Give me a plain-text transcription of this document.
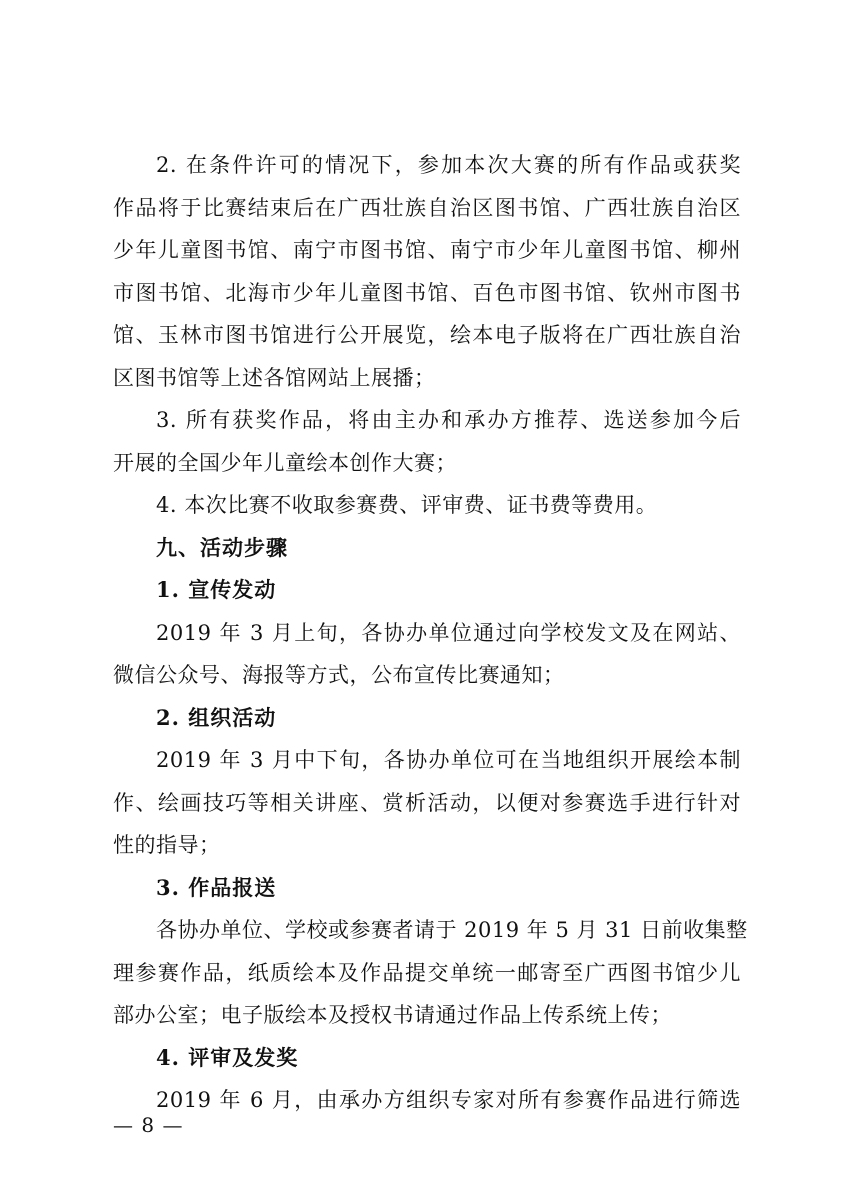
2. 在条件许可的情况下，参加本次大赛的所有作品或获奖
作品将于比赛结束后在广西壮族自治区图书馆、广西壮族自治区
少年儿童图书馆、南宁市图书馆、南宁市少年儿童图书馆、柳州
市图书馆、北海市少年儿童图书馆、百色市图书馆、钦州市图书
馆、玉林市图书馆进行公开展览，绘本电子版将在广西壮族自治
区图书馆等上述各馆网站上展播；
3. 所有获奖作品，将由主办和承办方推荐、选送参加今后
开展的全国少年儿童绘本创作大赛；
4. 本次比赛不收取参赛费、评审费、证书费等费用。
九、活动步骤
1. 宣传发动
2019 年 3 月上旬，各协办单位通过向学校发文及在网站、
微信公众号、海报等方式，公布宣传比赛通知；
2. 组织活动
2019 年 3 月中下旬，各协办单位可在当地组织开展绘本制
作、绘画技巧等相关讲座、赏析活动，以便对参赛选手进行针对
性的指导；
3. 作品报送
各协办单位、学校或参赛者请于 2019 年 5 月 31 日前收集整
理参赛作品，纸质绘本及作品提交单统一邮寄至广西图书馆少儿
部办公室；电子版绘本及授权书请通过作品上传系统上传；
4. 评审及发奖
2019 年 6 月，由承办方组织专家对所有参赛作品进行筛选
— 8 —
